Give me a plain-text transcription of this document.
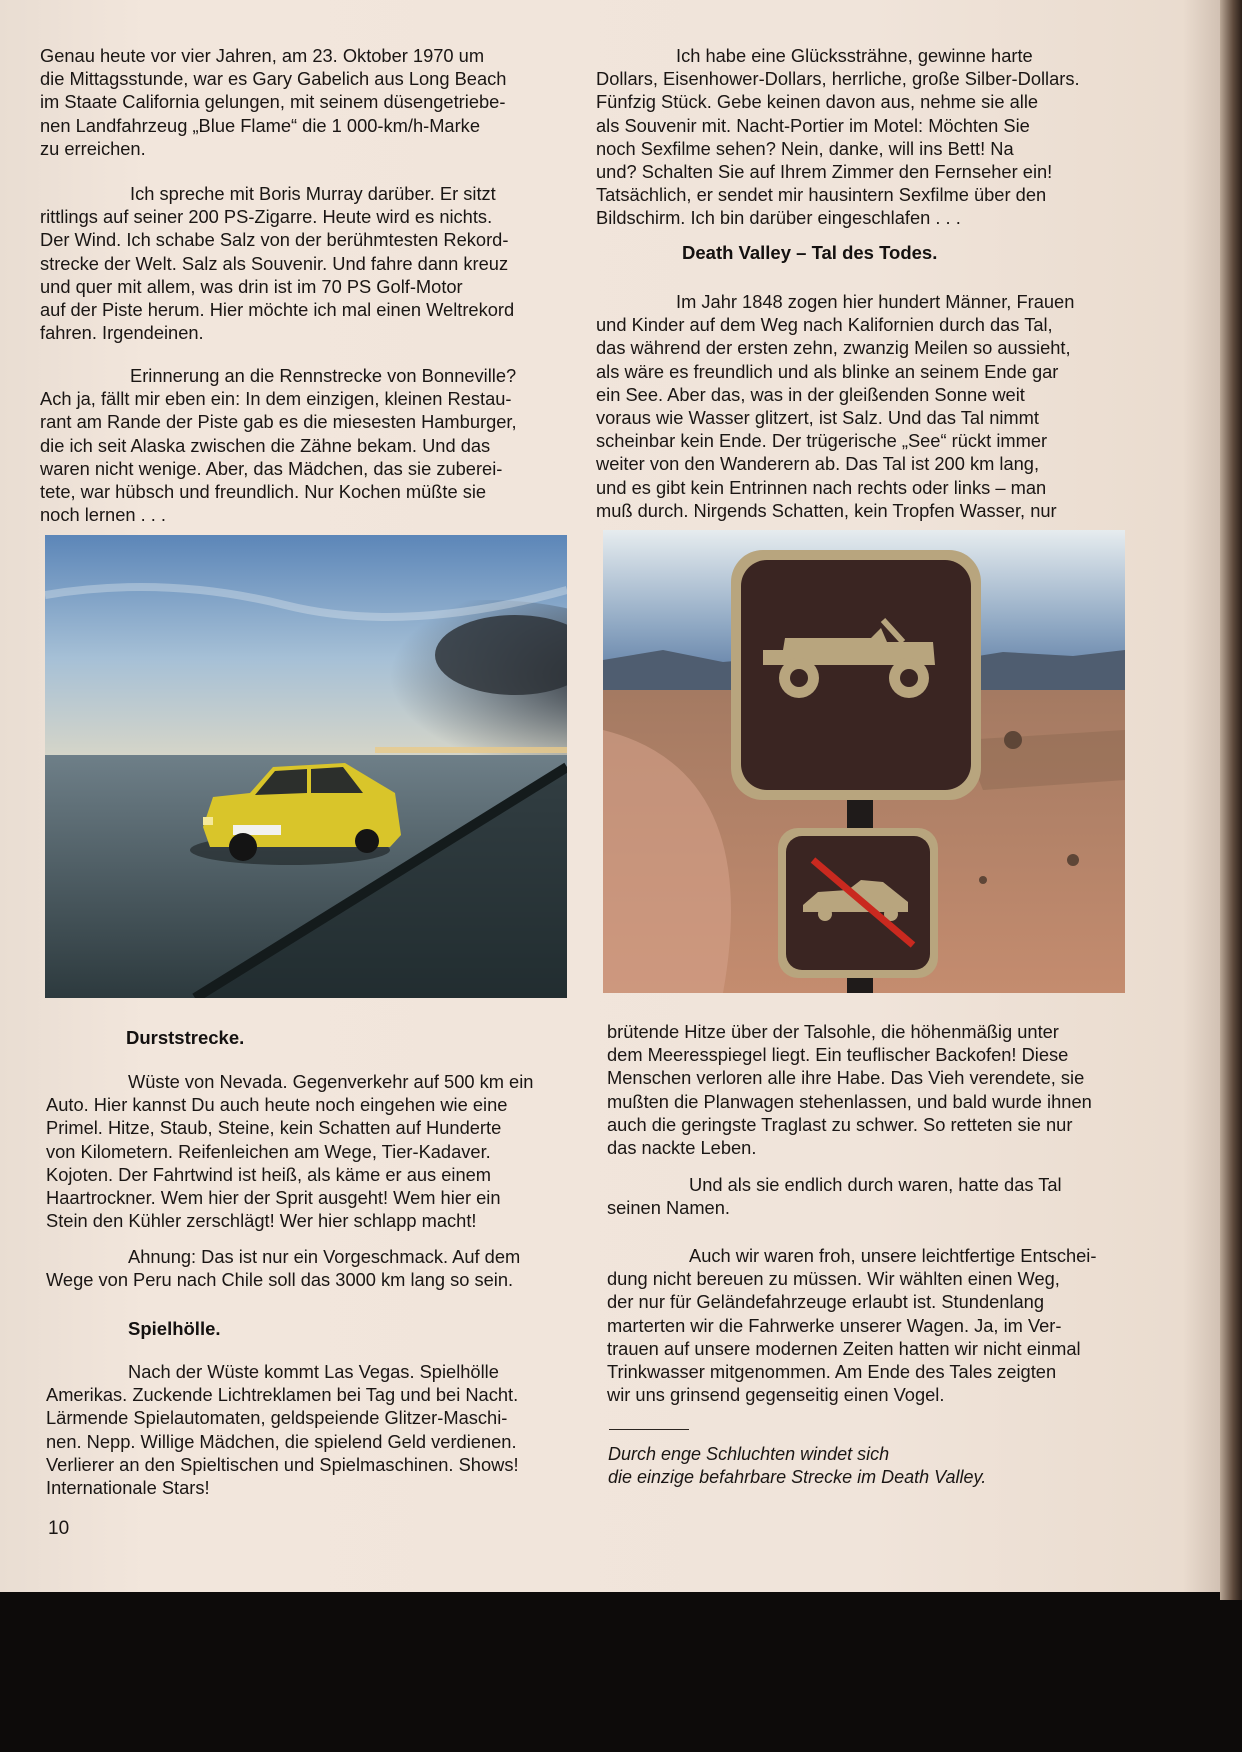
Genau heute vor vier Jahren, am 23. Oktober 1970 um
die Mittagsstunde, war es Gary Gabelich aus Long Beach
im Staate California gelungen, mit seinem düsengetriebe-
nen Landfahrzeug „Blue Flame“ die 1 000-km/h-Marke
zu erreichen.

Ich spreche mit Boris Murray darüber. Er sitzt
rittlings auf seiner 200 PS-Zigarre. Heute wird es nichts.
Der Wind. Ich schabe Salz von der berühmtesten Rekord-
strecke der Welt. Salz als Souvenir. Und fahre dann kreuz
und quer mit allem, was drin ist im 70 PS Golf-Motor
auf der Piste herum. Hier möchte ich mal einen Weltrekord
fahren. Irgendeinen.

Erinnerung an die Rennstrecke von Bonneville?
Ach ja, fällt mir eben ein: In dem einzigen, kleinen Restau-
rant am Rande der Piste gab es die miesesten Hamburger,
die ich seit Alaska zwischen die Zähne bekam. Und das
waren nicht wenige. Aber, das Mädchen, das sie zuberei-
tete, war hübsch und freundlich. Nur Kochen müßte sie
noch lernen . . .

Ich habe eine Glückssträhne, gewinne harte
Dollars, Eisenhower-Dollars, herrliche, große Silber-Dollars.
Fünfzig Stück. Gebe keinen davon aus, nehme sie alle
als Souvenir mit. Nacht-Portier im Motel: Möchten Sie
noch Sexfilme sehen? Nein, danke, will ins Bett! Na
und? Schalten Sie auf Ihrem Zimmer den Fernseher ein!
Tatsächlich, er sendet mir hausintern Sexfilme über den
Bildschirm. Ich bin darüber eingeschlafen . . .

Death Valley – Tal des Todes.

Im Jahr 1848 zogen hier hundert Männer, Frauen
und Kinder auf dem Weg nach Kalifornien durch das Tal,
das während der ersten zehn, zwanzig Meilen so aussieht,
als wäre es freundlich und als blinke an seinem Ende gar
ein See. Aber das, was in der gleißenden Sonne weit
voraus wie Wasser glitzert, ist Salz. Und das Tal nimmt
scheinbar kein Ende. Der trügerische „See“ rückt immer
weiter von den Wanderern ab. Das Tal ist 200 km lang,
und es gibt kein Entrinnen nach rechts oder links – man
muß durch. Nirgends Schatten, kein Tropfen Wasser, nur

Durststrecke.

Wüste von Nevada. Gegenverkehr auf 500 km ein
Auto. Hier kannst Du auch heute noch eingehen wie eine
Primel. Hitze, Staub, Steine, kein Schatten auf Hunderte
von Kilometern. Reifenleichen am Wege, Tier-Kadaver.
Kojoten. Der Fahrtwind ist heiß, als käme er aus einem
Haartrockner. Wem hier der Sprit ausgeht! Wem hier ein
Stein den Kühler zerschlägt! Wer hier schlapp macht!

Ahnung: Das ist nur ein Vorgeschmack. Auf dem
Wege von Peru nach Chile soll das 3000 km lang so sein.

Spielhölle.

Nach der Wüste kommt Las Vegas. Spielhölle
Amerikas. Zuckende Lichtreklamen bei Tag und bei Nacht.
Lärmende Spielautomaten, geldspeiende Glitzer-Maschi-
nen. Nepp. Willige Mädchen, die spielend Geld verdienen.
Verlierer an den Spieltischen und Spielmaschinen. Shows!
Internationale Stars!

brütende Hitze über der Talsohle, die höhenmäßig unter
dem Meeresspiegel liegt. Ein teuflischer Backofen! Diese
Menschen verloren alle ihre Habe. Das Vieh verendete, sie
mußten die Planwagen stehenlassen, und bald wurde ihnen
auch die geringste Traglast zu schwer. So retteten sie nur
das nackte Leben.

Und als sie endlich durch waren, hatte das Tal
seinen Namen.

Auch wir waren froh, unsere leichtfertige Entschei-
dung nicht bereuen zu müssen. Wir wählten einen Weg,
der nur für Geländefahrzeuge erlaubt ist. Stundenlang
marterten wir die Fahrwerke unserer Wagen. Ja, im Ver-
trauen auf unsere modernen Zeiten hatten wir nicht einmal
Trinkwasser mitgenommen. Am Ende des Tales zeigten
wir uns grinsend gegenseitig einen Vogel.

Durch enge Schluchten windet sich
die einzige befahrbare Strecke im Death Valley.

10
